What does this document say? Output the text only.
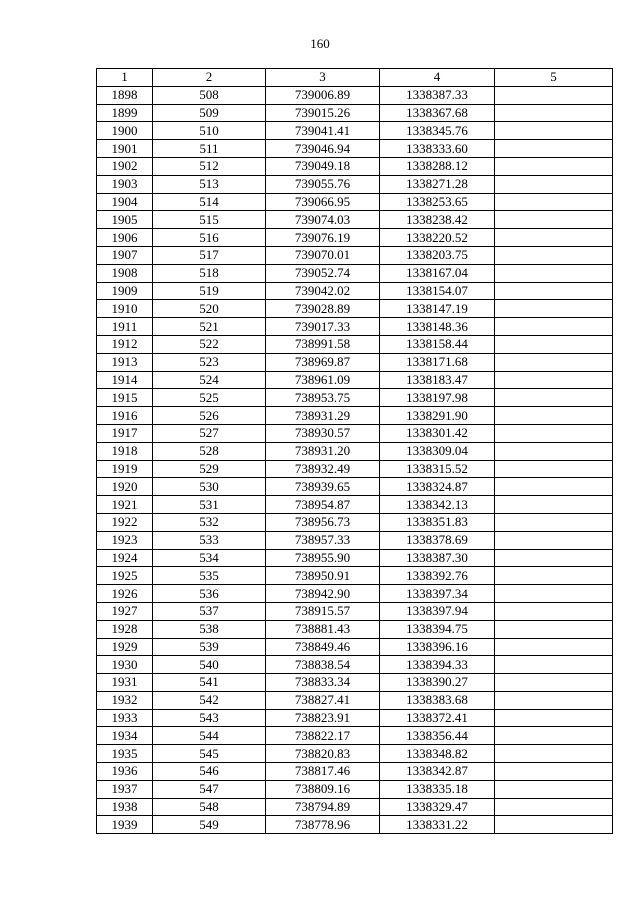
160
1	2	3	4	5
1898	508	739006.89	1338387.33	
1899	509	739015.26	1338367.68	
1900	510	739041.41	1338345.76	
1901	511	739046.94	1338333.60	
1902	512	739049.18	1338288.12	
1903	513	739055.76	1338271.28	
1904	514	739066.95	1338253.65	
1905	515	739074.03	1338238.42	
1906	516	739076.19	1338220.52	
1907	517	739070.01	1338203.75	
1908	518	739052.74	1338167.04	
1909	519	739042.02	1338154.07	
1910	520	739028.89	1338147.19	
1911	521	739017.33	1338148.36	
1912	522	738991.58	1338158.44	
1913	523	738969.87	1338171.68	
1914	524	738961.09	1338183.47	
1915	525	738953.75	1338197.98	
1916	526	738931.29	1338291.90	
1917	527	738930.57	1338301.42	
1918	528	738931.20	1338309.04	
1919	529	738932.49	1338315.52	
1920	530	738939.65	1338324.87	
1921	531	738954.87	1338342.13	
1922	532	738956.73	1338351.83	
1923	533	738957.33	1338378.69	
1924	534	738955.90	1338387.30	
1925	535	738950.91	1338392.76	
1926	536	738942.90	1338397.34	
1927	537	738915.57	1338397.94	
1928	538	738881.43	1338394.75	
1929	539	738849.46	1338396.16	
1930	540	738838.54	1338394.33	
1931	541	738833.34	1338390.27	
1932	542	738827.41	1338383.68	
1933	543	738823.91	1338372.41	
1934	544	738822.17	1338356.44	
1935	545	738820.83	1338348.82	
1936	546	738817.46	1338342.87	
1937	547	738809.16	1338335.18	
1938	548	738794.89	1338329.47	
1939	549	738778.96	1338331.22	
